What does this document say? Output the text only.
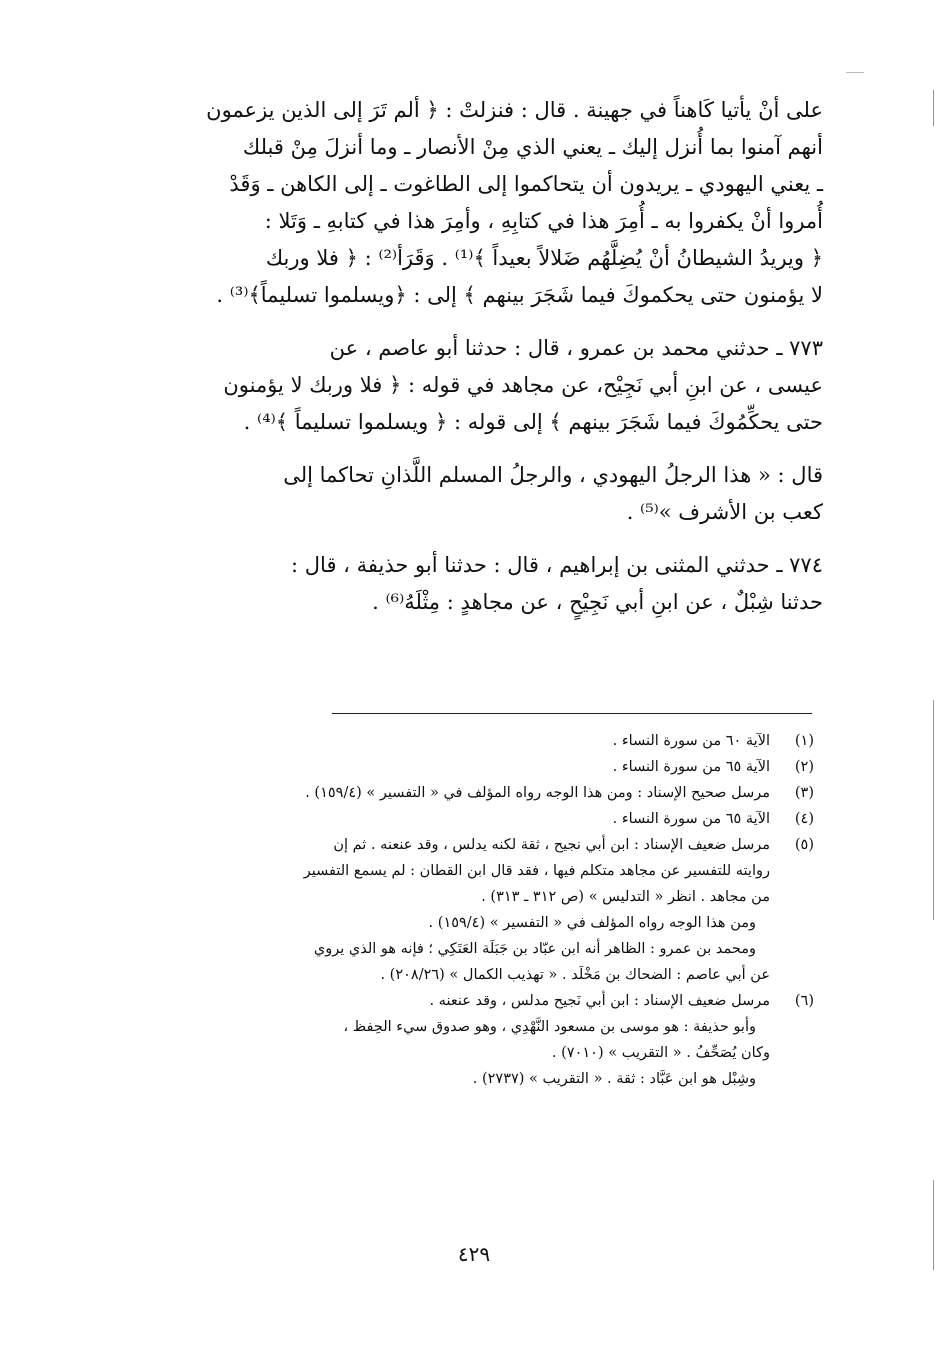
على أنْ يأتيا كَاهناً في جهينة . قال : فنزلتْ : ﴿ ألم تَرَ إلى الذين يزعمون

أنهم آمنوا بما أُنزل إليك ـ يعني الذي مِنْ الأنصار ـ وما أنزلَ مِنْ قبلك

ـ يعني اليهودي ـ يريدون أن يتحاكموا إلى الطاغوت ـ إلى الكاهن ـ وَقَدْ

أُمروا أنْ يكفروا به ـ أُمِرَ هذا في كتابِهِ ، وأمِرَ هذا في كتابهِ ـ وَتَلا :

﴿ ويريدُ الشيطانُ أنْ يُضِلَّهُم ضَلالاً بعيداً ﴾⁽¹⁾ . وَقَرَأ⁽²⁾ : ﴿ فلا وربك

لا يؤمنون حتى يحكموكَ فيما شَجَرَ بينهم ﴾ إلى : ﴿ويسلموا تسليماً﴾⁽³⁾ .

٧٧٣ ـ حدثني محمد بن عمرو ، قال : حدثنا أبو عاصم ، عن

عيسى ، عن ابنِ أبي نَجِيْح، عن مجاهد في قوله : ﴿ فلا وربك لا يؤمنون

حتى يحكِّمُوكَ فيما شَجَرَ بينهم ﴾ إلى قوله : ﴿ ويسلموا تسليماً ﴾⁽⁴⁾ .

قال : « هذا الرجلُ اليهودي ، والرجلُ المسلم اللَّذانِ تحاكما إلى

كعب بن الأشرف »⁽⁵⁾ .

٧٧٤ ـ حدثني المثنى بن إبراهيم ، قال : حدثنا أبو حذيفة ، قال :

حدثنا شِبْلٌ ، عن ابنِ أبي نَجِيْحٍ ، عن مجاهدٍ : مِثْلَهُ⁽⁶⁾ .

(١)

الآية ٦٠ من سورة النساء .

(٢)

الآية ٦٥ من سورة النساء .

(٣)

مرسل صحيح الإسناد : ومن هذا الوجه رواه المؤلف في « التفسير » (١٥٩/٤) .

(٤)

الآية ٦٥ من سورة النساء .

(٥)

مرسل ضعيف الإسناد : ابن أبي نجيح ، ثقة لكنه يدلس ، وقد عنعنه . ثم إن

روايته للتفسير عن مجاهد متكلم فيها ، فقد قال ابن القطان : لم يسمع التفسير

من مجاهد . انظر « التدليس » (ص ٣١٢ ـ ٣١٣) .

ومن هذا الوجه رواه المؤلف في « التفسير » (١٥٩/٤) .

ومحمد بن عمرو : الظاهر أنه ابن عبّاد بن جَبَلَة العَتَكِي ؛ فإنه هو الذي يروي

عن أبي عاصم : الضحاك بن مَخْلَد . « تهذيب الكمال » (٢٠٨/٢٦) .

(٦)

مرسل ضعيف الإسناد : ابن أبي نَجيح مدلس ، وقد عنعنه .

وأبو حذيفة : هو موسى بن مسعود النَّهْدِي ، وهو صدوق سيء الحِفظ ،

وكان يُصَحِّفُ . « التقريب » (٧٠١٠) .

وشِبْل هو ابن عَبَّاد : ثقة . « التقريب » (٢٧٣٧) .

٤٢٩
